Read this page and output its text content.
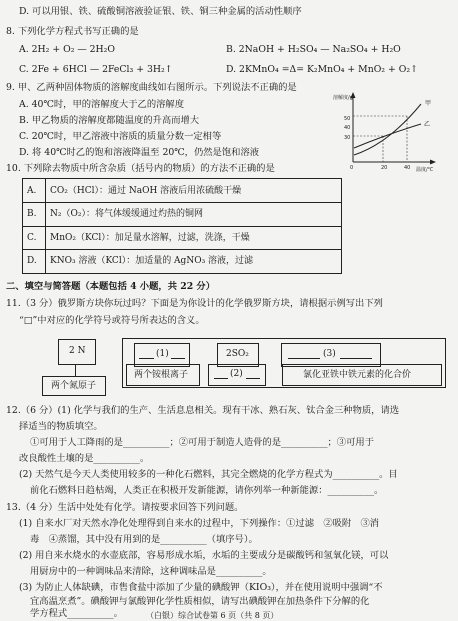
D. 可以用银、铁、硫酸铜溶液验证银、铁、铜三种金属的活动性顺序
8. 下列化学方程式书写正确的是
A. 2H₂ + O₂ — 2H₂O	B. 2NaOH + H₂SO₄ — Na₂SO₄ + H₂O
C. 2Fe + 6HCl — 2FeCl₃ + 3H₂↑	D. 2KMnO₄ =Δ= K₂MnO₄ + MnO₂ + O₂↑
9. 甲、乙两种固体物质的溶解度曲线如右图所示。下列说法不正确的是
A. 40℃时，甲的溶解度大于乙的溶解度
B. 甲乙物质的溶解度都随温度的升高而增大
C. 20℃时，甲乙溶液中溶质的质量分数一定相等
D. 将 40℃时乙的饱和溶液降温至 20℃，仍然是饱和溶液
溶解度/g
温度/℃
50
40
30
0	20	40
甲
乙
10. 下列除去物质中所含杂质（括号内的物质）的方法不正确的是
A. CO₂（HCl）：通过 NaOH 溶液后用浓硫酸干燥
B. N₂（O₂）：将气体缓缓通过灼热的铜网
C. MnO₂（KCl）：加足量水溶解，过滤，洗涤，干燥
D. KNO₃ 溶液（KCl）：加适量的 AgNO₃ 溶液，过滤
二、填空与简答题（本题包括 4 小题，共 22 分）
11.（3 分）俄罗斯方块你玩过吗？下面是为你设计的化学俄罗斯方块，请根据示例写出下列
“□”中对应的化学符号或符号所表达的含义。
2 N
两个氮原子
(1)	2SO₂	(3)
两个铵根离子	(2)	氯化亚铁中铁元素的化合价
12.（6 分）(1) 化学与我们的生产、生活息息相关。现有干冰、熟石灰、钛合金三种物质，请选
择适当的物质填空。
①可用于人工降雨的是__________；②可用于制造人造骨的是__________；③可用于
改良酸性土壤的是__________。
(2) 天然气是今天人类使用较多的一种化石燃料，其完全燃烧的化学方程式为__________。目
前化石燃料日趋枯竭，人类正在积极开发新能源，请你列举一种新能源：__________。
13.（4 分）生活中处处有化学。请按要求回答下列问题。
(1) 自来水厂对天然水净化处理得到自来水的过程中，下列操作：①过滤　②吸附　③消
毒　④蒸馏，其中没有用到的是__________（填序号）。
(2) 用自来水烧水的水壶底部，容易形成水垢，水垢的主要成分是碳酸钙和氢氧化镁，可以
用厨房中的一种调味品来清除，这种调味品是__________。
(3) 为防止人体缺碘，市售食盐中添加了少量的碘酸钾（KIO₃），并在使用说明中强调“不
宜高温烹煮”。碘酸钾与氯酸钾化学性质相似，请写出碘酸钾在加热条件下分解的化
学方程式__________。	（白银）综合试卷第 6 页（共 8 页）
